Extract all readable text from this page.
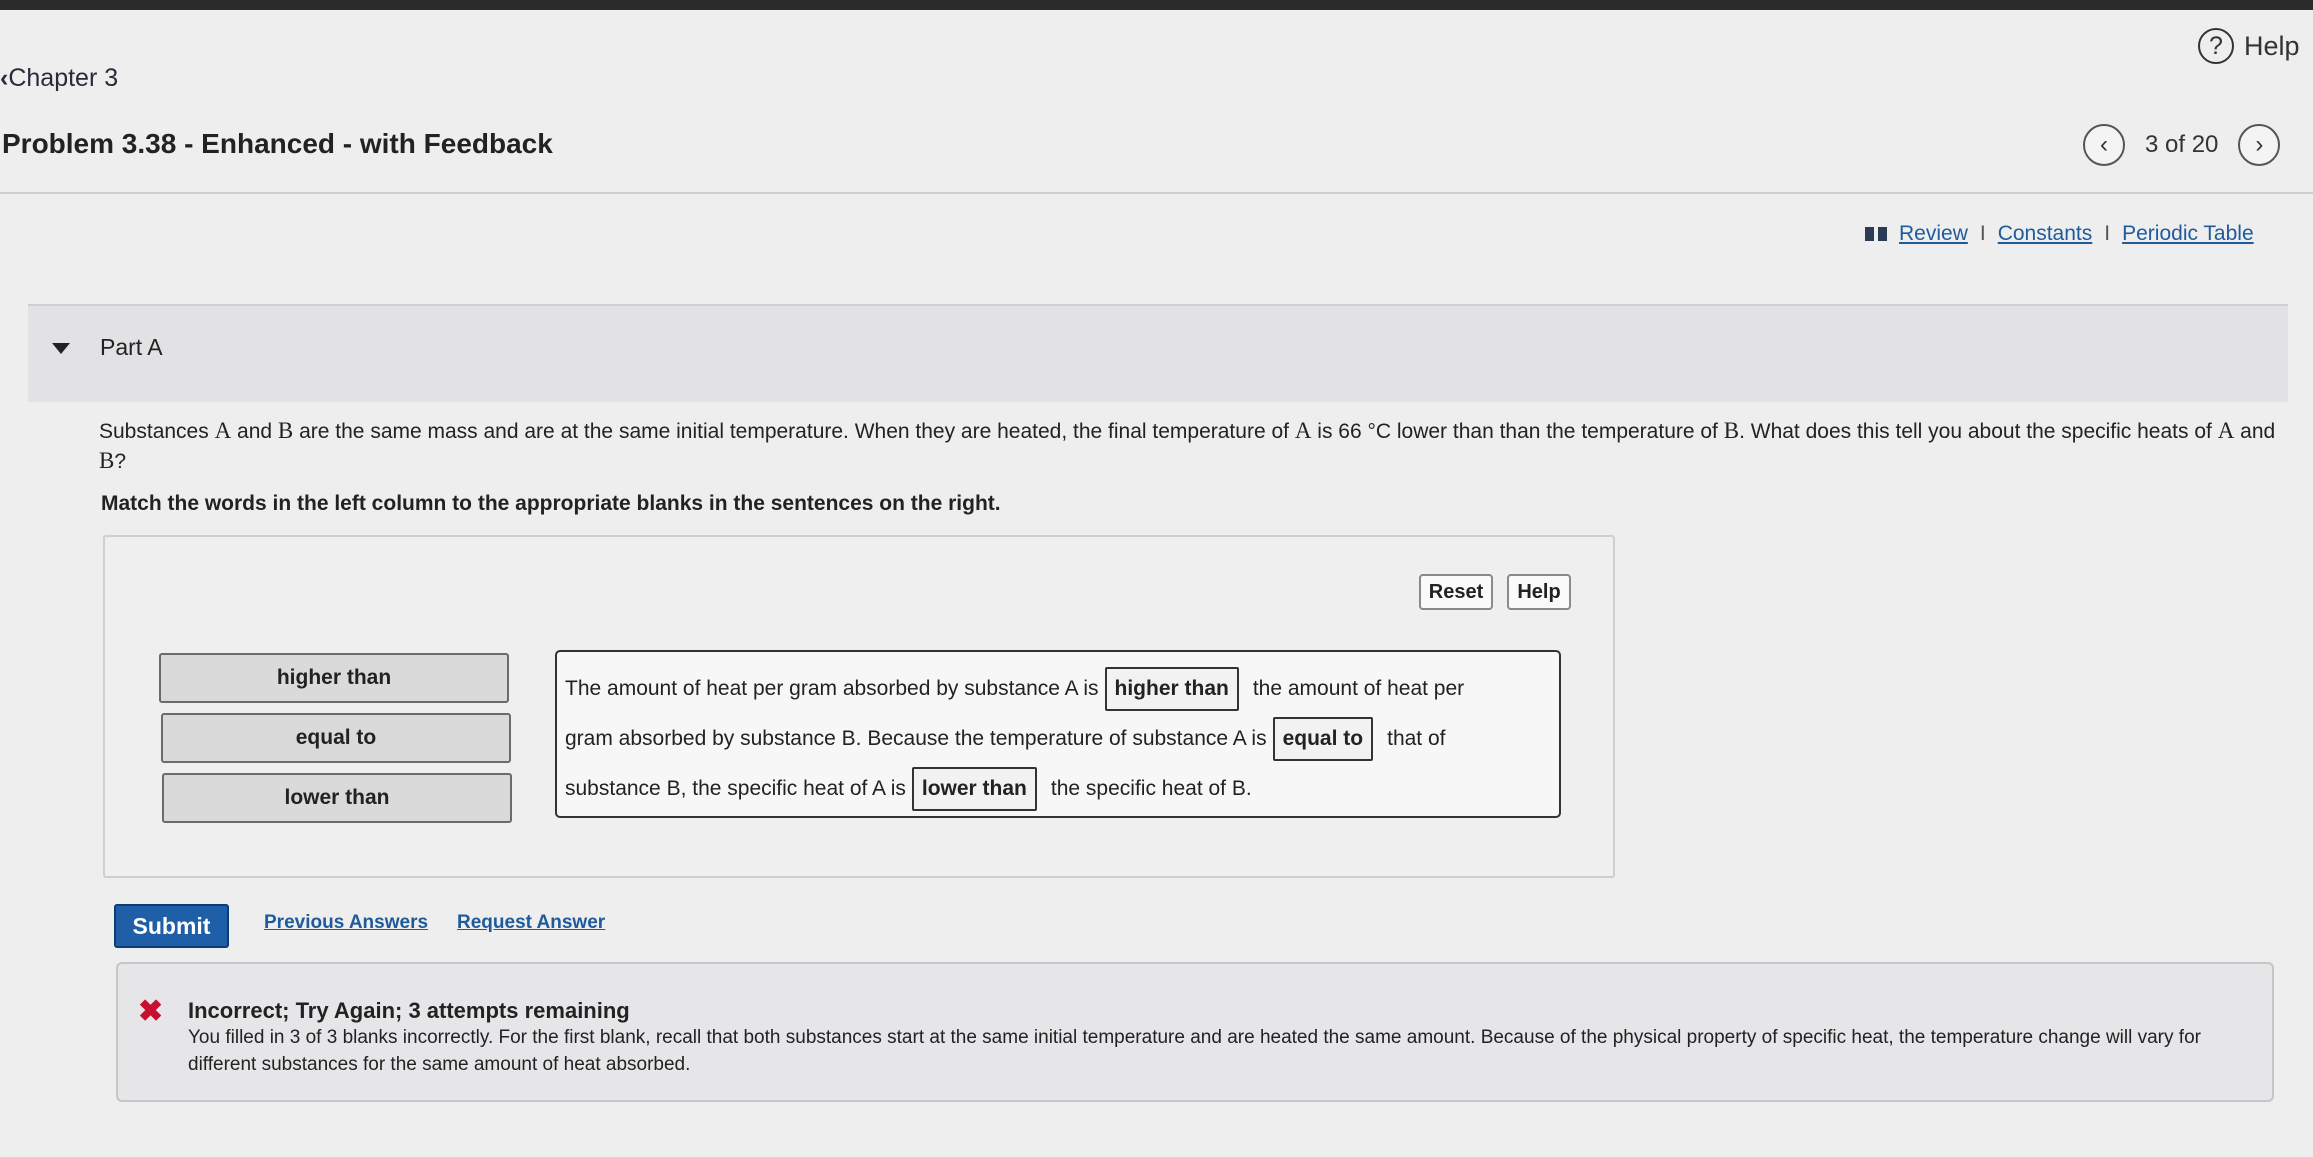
? Help
‹Chapter 3
Problem 3.38 - Enhanced - with Feedback	‹ 3 of 20 ›
Review I Constants I Periodic Table
Part A
Substances A and B are the same mass and are at the same initial temperature. When they are heated, the final temperature of A is 66 °C lower than than the temperature of B. What does this tell you about the specific heats of A and B?
Match the words in the left column to the appropriate blanks in the sentences on the right.
Reset	Help
higher than
equal to
lower than
The amount of heat per gram absorbed by substance A is higher than	the amount of heat per
gram absorbed by substance B. Because the temperature of substance A is equal to	that of
substance B, the specific heat of A is lower than	the specific heat of B.
Submit	Previous Answers Request Answer
✖ Incorrect; Try Again; 3 attempts remaining
You filled in 3 of 3 blanks incorrectly. For the first blank, recall that both substances start at the same initial temperature and are heated the same amount. Because of the physical property of specific heat, the temperature change will vary for different substances for the same amount of heat absorbed.
